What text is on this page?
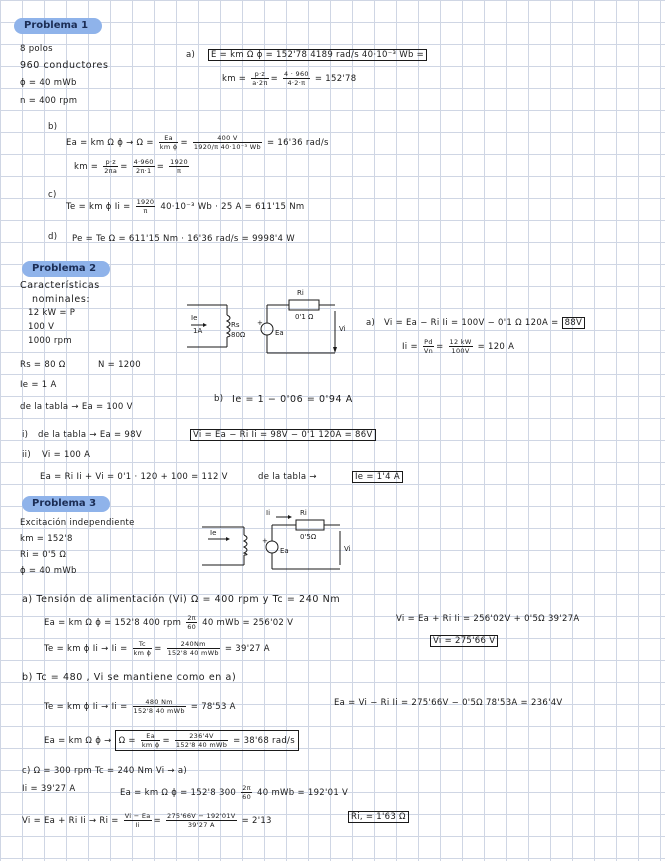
Problema 1
8 polos
960 conductores
ϕ = 40 mWb
n = 400 rpm
a)	E = km Ω ϕ = 152'78 4189 rad/s 40·10⁻³ Wb =
km = $\frac{p\cdot z}{a\cdot 2\pi} = \frac{4 \cdot 960}{4\cdot 2\cdot\pi} = 152'78$
b)
Ea = km Ω $\phi \to \Omega = \frac{Ea}{\text{km ϕ}} = \frac{400 V}{\text{1920/π 40·10⁻³ Wb}} = 16'36$ rad/s
km = $\frac{p\cdot z}{2\pi a} = \frac{4\cdot 960}{2\pi\cdot 1} = \frac{1920}{\pi}$
c)
Te = km ϕ $Ii = \frac{1920}{\pi} 40\cdot 10^{-3}$ Wb · 25 A = 611'15 Nm
d) Pe = Te Ω = 611'15 Nm · 16'36 rad/s = 9998'4 W
Problema 2
Características
nominales:
12 kW = P
100 V
1000 rpm
Ie
1A
Rs
80Ω
+
Ea
Ri
0'1 Ω
Vi
a) Vi = Ea − Ri Ii = 100V − 0'1 Ω 120A = 88V
$Ii = \frac{Pd}{Vn} = \frac{12 kW}{100V} = 120$ A
Rs = 80 Ω	N = 1200
Ie = 1 A
de la tabla → Ea = 100 V
b) Ie = 1 − 0'06 = 0'94 A
i) de la tabla → Ea = 98V	Vi = Ea − Ri Ii = 98V − 0'1 120A = 86V
ii) Vi = 100 A
Ea = Ri Ii + Vi = 0'1 · 120 + 100 = 112 V	de la tabla →	Ie = 1'4 A
Problema 3
Excitación independiente
km = 152'8
Ri = 0'5 Ω
ϕ = 40 mWb
Ie
+
Ea
Ii	Ri
0'5Ω
Vi
a) Tensión de alimentación (Vi) Ω = 400 rpm y Tc = 240 Nm
Ea = km Ω ϕ = 152'8 400 rpm $\frac{2\pi}{60} 40$ mWb = 256'02 V	Vi = Ea + Ri Ii = 256'02V + 0'5Ω 39'27A
Te = km ϕ $Ii \to Ii = \frac{Tc}{\text{km ϕ}} = \frac{240Nm}{\text{152'8 40 mWb}} = 39'27$ A
Vi = 275'66 V
b) Tc = 480 , Vi se mantiene como en a)
Te = km ϕ $Ii \to Ii = \frac{480 Nm}{\text{152'8 40 mWb}} = 78'53$ A	Ea = Vi − Ri Ii = 275'66V − 0'5Ω 78'53A = 236'4V
Ea = km Ω $\phi \to \Omega = \frac{Ea}{\text{km ϕ}} = \frac{236'4V}{\text{152'8 40 mWb}} = 38'68$ rad/s
c) Ω = 300 rpm Tc = 240 Nm Vi → a)
Ii = 39'27 A	Ea = km Ω ϕ = 152'8 $300 \frac{2\pi}{60} 40$ mWb = 192'01 V
Vi = Ea + Ri $Ii \to Ri = \frac{Vi - Ea}{Ii} = \frac{275'66V - 192'01V}{39'27 A} = 2'13$	Ri, = 1'63 Ω
